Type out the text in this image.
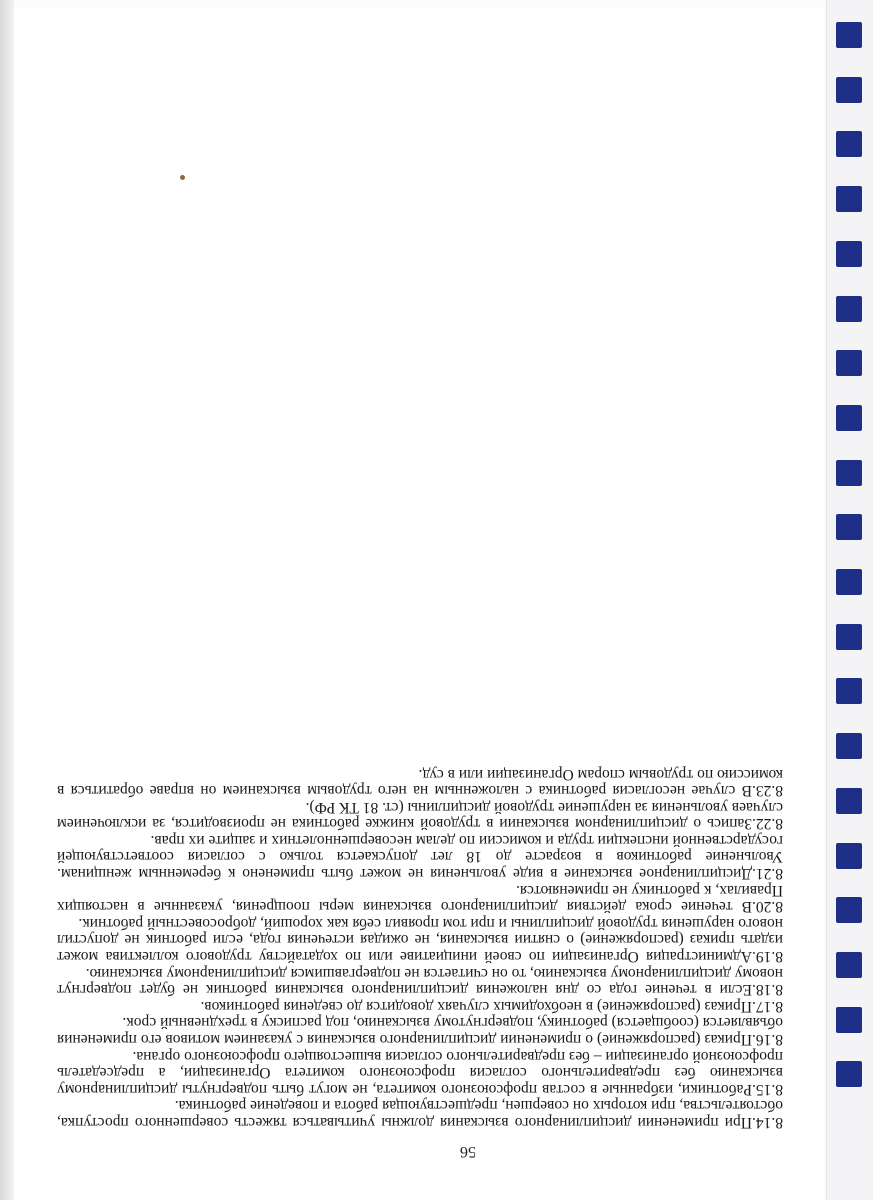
56

8.14.При применении дисциплинарного взыскания должны учитываться тяжесть совершенного проступка, обстоятельства, при которых он совершен, предшествующая работа и поведение работника.

8.15.Работники, избранные в состав профсоюзного комитета, не могут быть подвергнуты дисциплинарному взысканию без предварительного согласия профсоюзного комитета Организации, а председатель профсоюзной организации – без предварительного согласия вышестоящего профсоюзного органа.

8.16.Приказ (распоряжение) о применении дисциплинарного взыскания с указанием мотивов его применения объявляется (сообщается) работнику, подвергнутому взысканию, под расписку в трехдневный срок.

8.17.Приказ (распоряжение) в необходимых случаях доводится до сведения работников.

8.18.Если в течение года со дня наложения дисциплинарного взыскания работник не будет подвергнут новому дисциплинарному взысканию, то он считается не подвергавшимся дисциплинарному взысканию.

8.19.Администрация Организации по своей инициативе или по ходатайству трудового коллектива может издать приказ (распоряжение) о снятии взыскания, не ожидая истечения года, если работник не допустил нового нарушения трудовой дисциплины и при том проявил себя как хороший, добросовестный работник.

8.20.В течение срока действия дисциплинарного взыскания меры поощрения, указанные в настоящих Правилах, к работнику не применяются.

8.21.Дисциплинарное взыскание в виде увольнения не может быть применено к беременным женщинам. Увольнение работников в возрасте до 18 лет допускается только с согласия соответствующей государственной инспекции труда и комиссии по делам несовершеннолетних и защите их прав.

8.22.Запись о дисциплинарном взыскании в трудовой книжке работника не производится, за исключением случаев увольнения за нарушение трудовой дисциплины (ст. 81 ТК РФ).

8.23.В случае несогласия работника с наложенным на него трудовым взысканием он вправе обратиться в комиссию по трудовым спорам Организации или в суд.
